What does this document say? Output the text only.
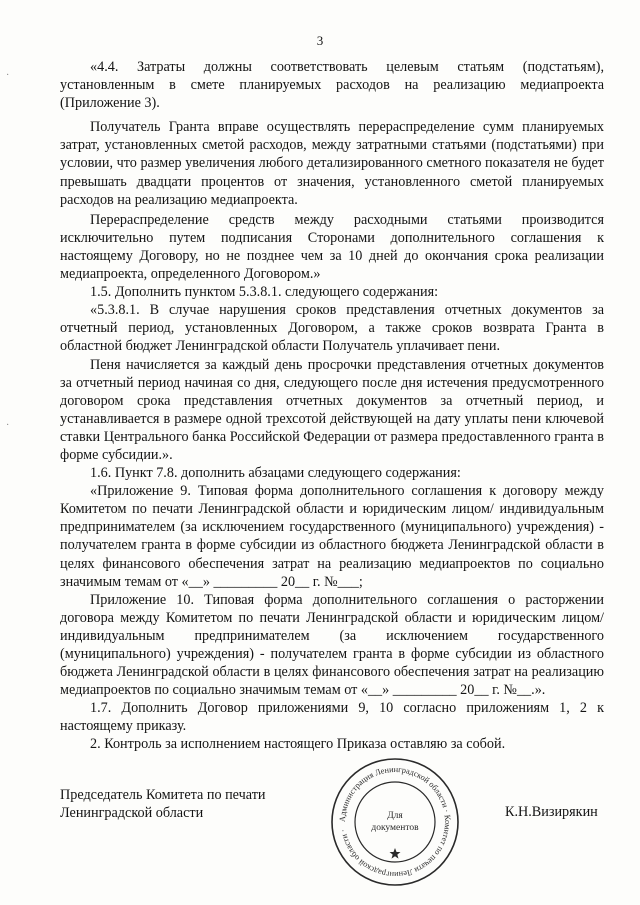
3
·
·

«4.4. Затраты должны соответствовать целевым статьям (подстатьям), установленным в смете планируемых расходов на реализацию медиапроекта (Приложение 3).

Получатель Гранта вправе осуществлять перераспределение сумм планируемых затрат, установленных сметой расходов, между затратными статьями (подстатьями) при условии, что размер увеличения любого детализированного сметного показателя не будет превышать двадцати процентов от значения, установленного сметой планируемых расходов на реализацию медиапроекта.

Перераспределение средств между расходными статьями производится исключительно путем подписания Сторонами дополнительного соглашения к настоящему Договору, но не позднее чем за 10 дней до окончания срока реализации медиапроекта, определенного Договором.»

1.5. Дополнить пунктом 5.3.8.1. следующего содержания:

«5.3.8.1. В случае нарушения сроков представления отчетных документов за отчетный период, установленных Договором, а также сроков возврата Гранта в областной бюджет Ленинградской области Получатель уплачивает пени.

Пеня начисляется за каждый день просрочки представления отчетных документов за отчетный период начиная со дня, следующего после дня истечения предусмотренного договором срока представления отчетных документов за отчетный период, и устанавливается в размере одной трехсотой действующей на дату уплаты пени ключевой ставки Центрального банка Российской Федерации от размера предоставленного гранта в форме субсидии.».

1.6. Пункт 7.8. дополнить абзацами следующего содержания:

«Приложение 9. Типовая форма дополнительного соглашения к договору между Комитетом по печати Ленинградской области и юридическим лицом/ индивидуальным предпринимателем (за исключением государственного (муниципального) учреждения) - получателем гранта в форме субсидии из областного бюджета Ленинградской области в целях финансового обеспечения затрат на реализацию медиапроектов по социально значимым темам от «__» _________ 20__ г. №___;

Приложение 10. Типовая форма дополнительного соглашения о расторжении договора между Комитетом по печати Ленинградской области и юридическим лицом/ индивидуальным предпринимателем (за исключением государственного (муниципального) учреждения) - получателем гранта в форме субсидии из областного бюджета Ленинградской области в целях финансового обеспечения затрат на реализацию медиапроектов по социально значимым темам от «__» _________ 20__ г. №__.».

1.7. Дополнить Договор приложениями 9, 10 согласно приложениям 1, 2 к настоящему приказу.

2. Контроль за исполнением настоящего Приказа оставляю за собой.

Председатель Комитета по печати
Ленинградской области	К.Н.Визирякин
Администрация Ленинградской области · Комитет по печати Ленинградской области ·
Для
документов
